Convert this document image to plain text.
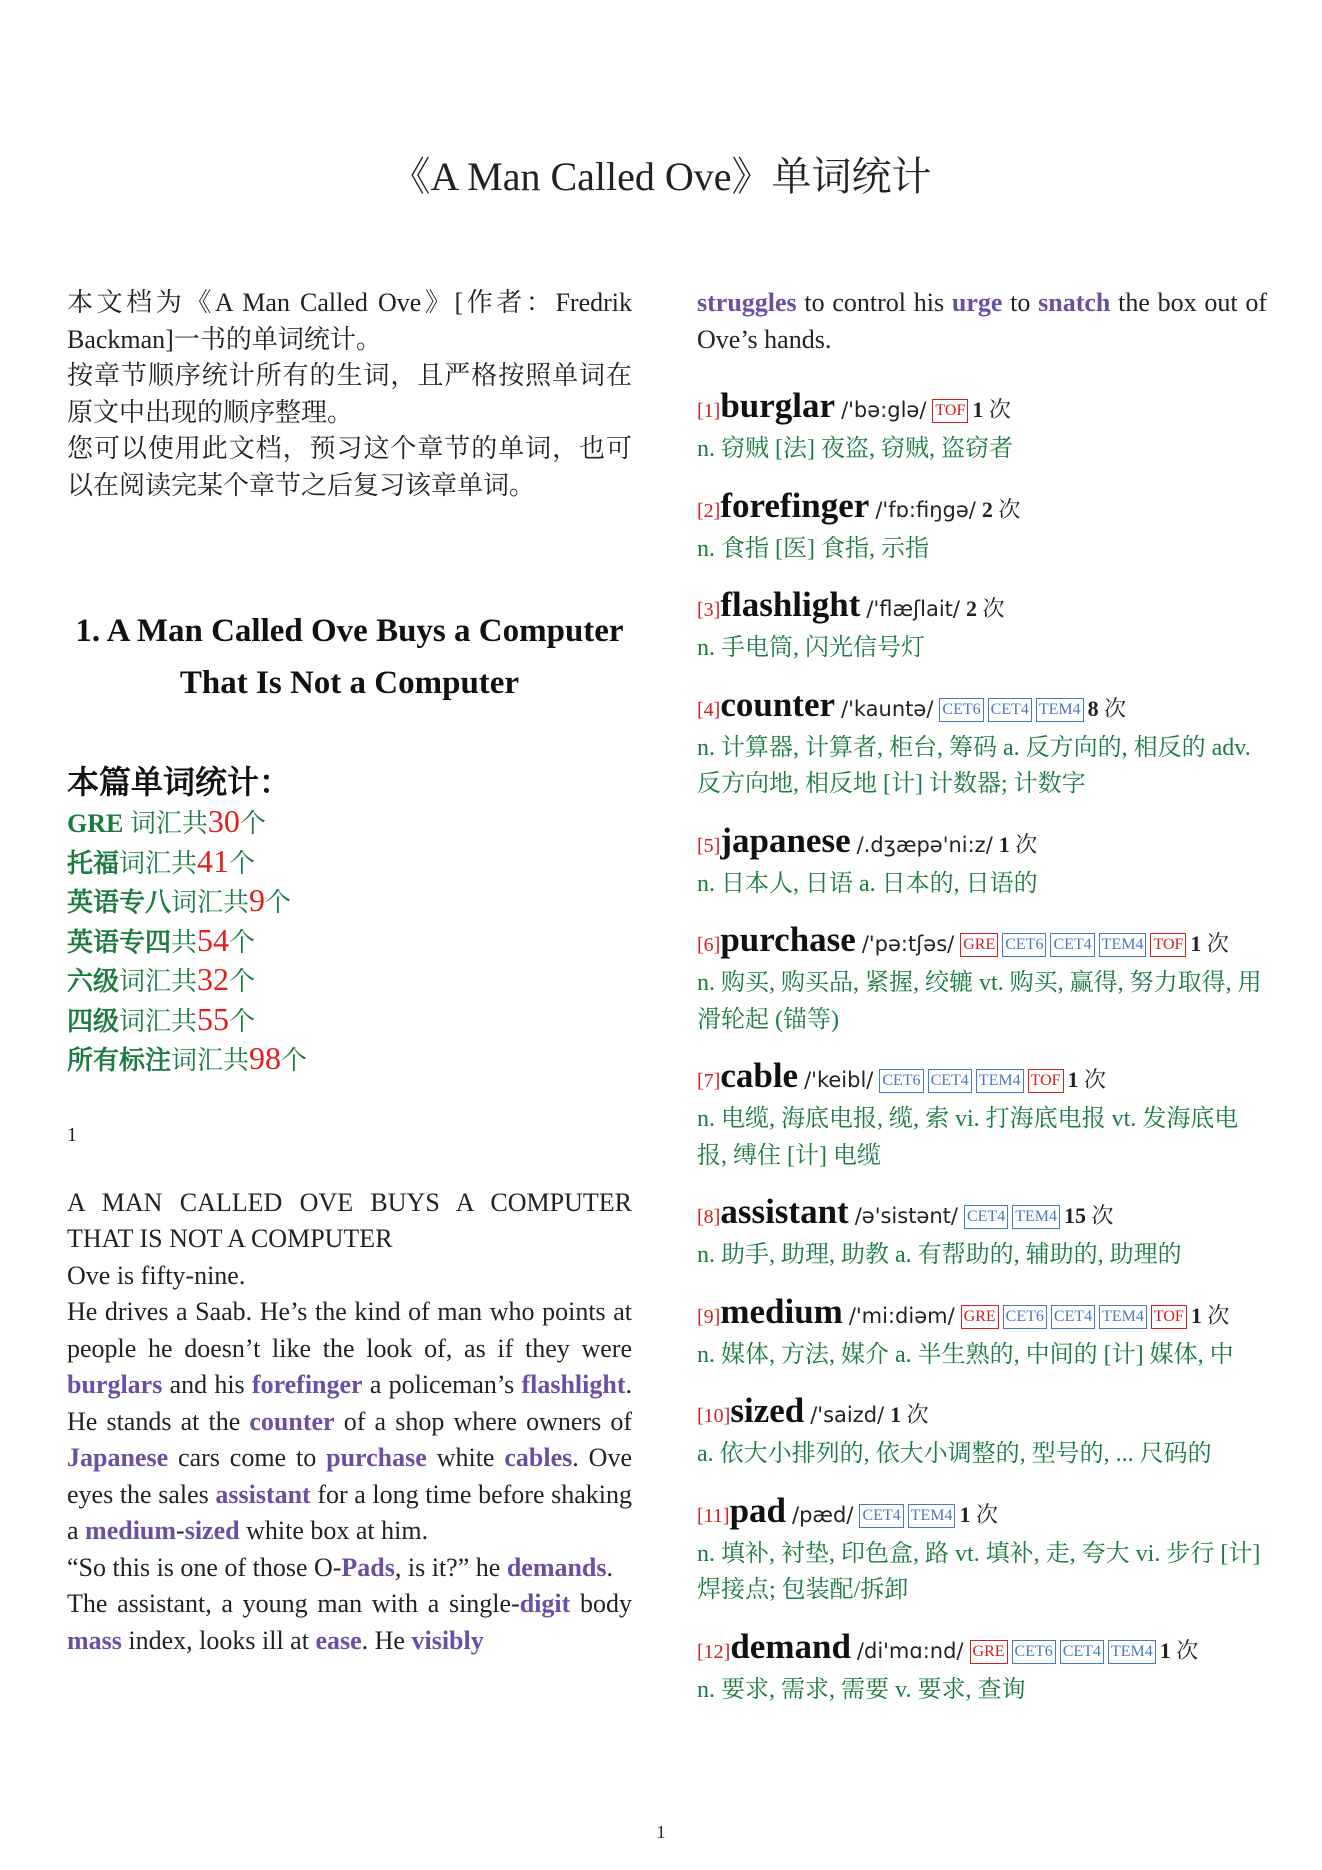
《A Man Called Ove》单词统计

本文档为《A Man Called Ove》[作者：Fredrik Backman]一书的单词统计。

按章节顺序统计所有的生词，且严格按照单词在原文中出现的顺序整理。

您可以使用此文档，预习这个章节的单词，也可以在阅读完某个章节之后复习该章单词。

1. A Man Called Ove Buys a Computer That Is Not a Computer
本篇单词统计：
GRE 词汇共30个
托福词汇共41个
英语专八词汇共9个
英语专四共54个
六级词汇共32个
四级词汇共55个
所有标注词汇共98个
1

A MAN CALLED OVE BUYS A COMPUTER THAT IS NOT A COMPUTER

Ove is fifty-nine.

He drives a Saab. He’s the kind of man who points at people he doesn’t like the look of, as if they were burglars and his forefinger a policeman’s flashlight. He stands at the counter of a shop where owners of Japanese cars come to purchase white cables. Ove eyes the sales assistant for a long time before shaking a medium-sized white box at him.

“So this is one of those O-Pads, is it?” he demands.

The assistant, a young man with a single-digit body mass index, looks ill at ease. He visibly

struggles to control his urge to snatch the box out of Ove’s hands.

[1]burglar /'bə:glə/ TOF 1 次

n. 窃贼 [法] 夜盗, 窃贼, 盗窃者

[2]forefinger /'fɒ:fiŋgə/ 2 次

n. 食指 [医] 食指, 示指

[3]flashlight /'flæʃlait/ 2 次

n. 手电筒, 闪光信号灯

[4]counter /'kauntə/ CET6 CET4 TEM4 8 次

n. 计算器, 计算者, 柜台, 筹码 a. 反方向的, 相反的 adv. 反方向地, 相反地 [计] 计数器; 计数字

[5]japanese /.dʒæpə'ni:z/ 1 次

n. 日本人, 日语 a. 日本的, 日语的

[6]purchase /'pə:tʃəs/ GRE CET6 CET4 TEM4 TOF 1 次

n. 购买, 购买品, 紧握, 绞辘 vt. 购买, 赢得, 努力取得, 用滑轮起 (锚等)

[7]cable /'keibl/ CET6 CET4 TEM4 TOF 1 次

n. 电缆, 海底电报, 缆, 索 vi. 打海底电报 vt. 发海底电报, 缚住 [计] 电缆

[8]assistant /ə'sistənt/ CET4 TEM4 15 次

n. 助手, 助理, 助教 a. 有帮助的, 辅助的, 助理的

[9]medium /'mi:diəm/ GRE CET6 CET4 TEM4 TOF 1 次

n. 媒体, 方法, 媒介 a. 半生熟的, 中间的 [计] 媒体, 中

[10]sized /'saizd/ 1 次

a. 依大小排列的, 依大小调整的, 型号的, ... 尺码的

[11]pad /pæd/ CET4 TEM4 1 次

n. 填补, 衬垫, 印色盒, 路 vt. 填补, 走, 夸大 vi. 步行 [计] 焊接点; 包装配/拆卸

[12]demand /di'mɑ:nd/ GRE CET6 CET4 TEM4 1 次

n. 要求, 需求, 需要 v. 要求, 查询

1
